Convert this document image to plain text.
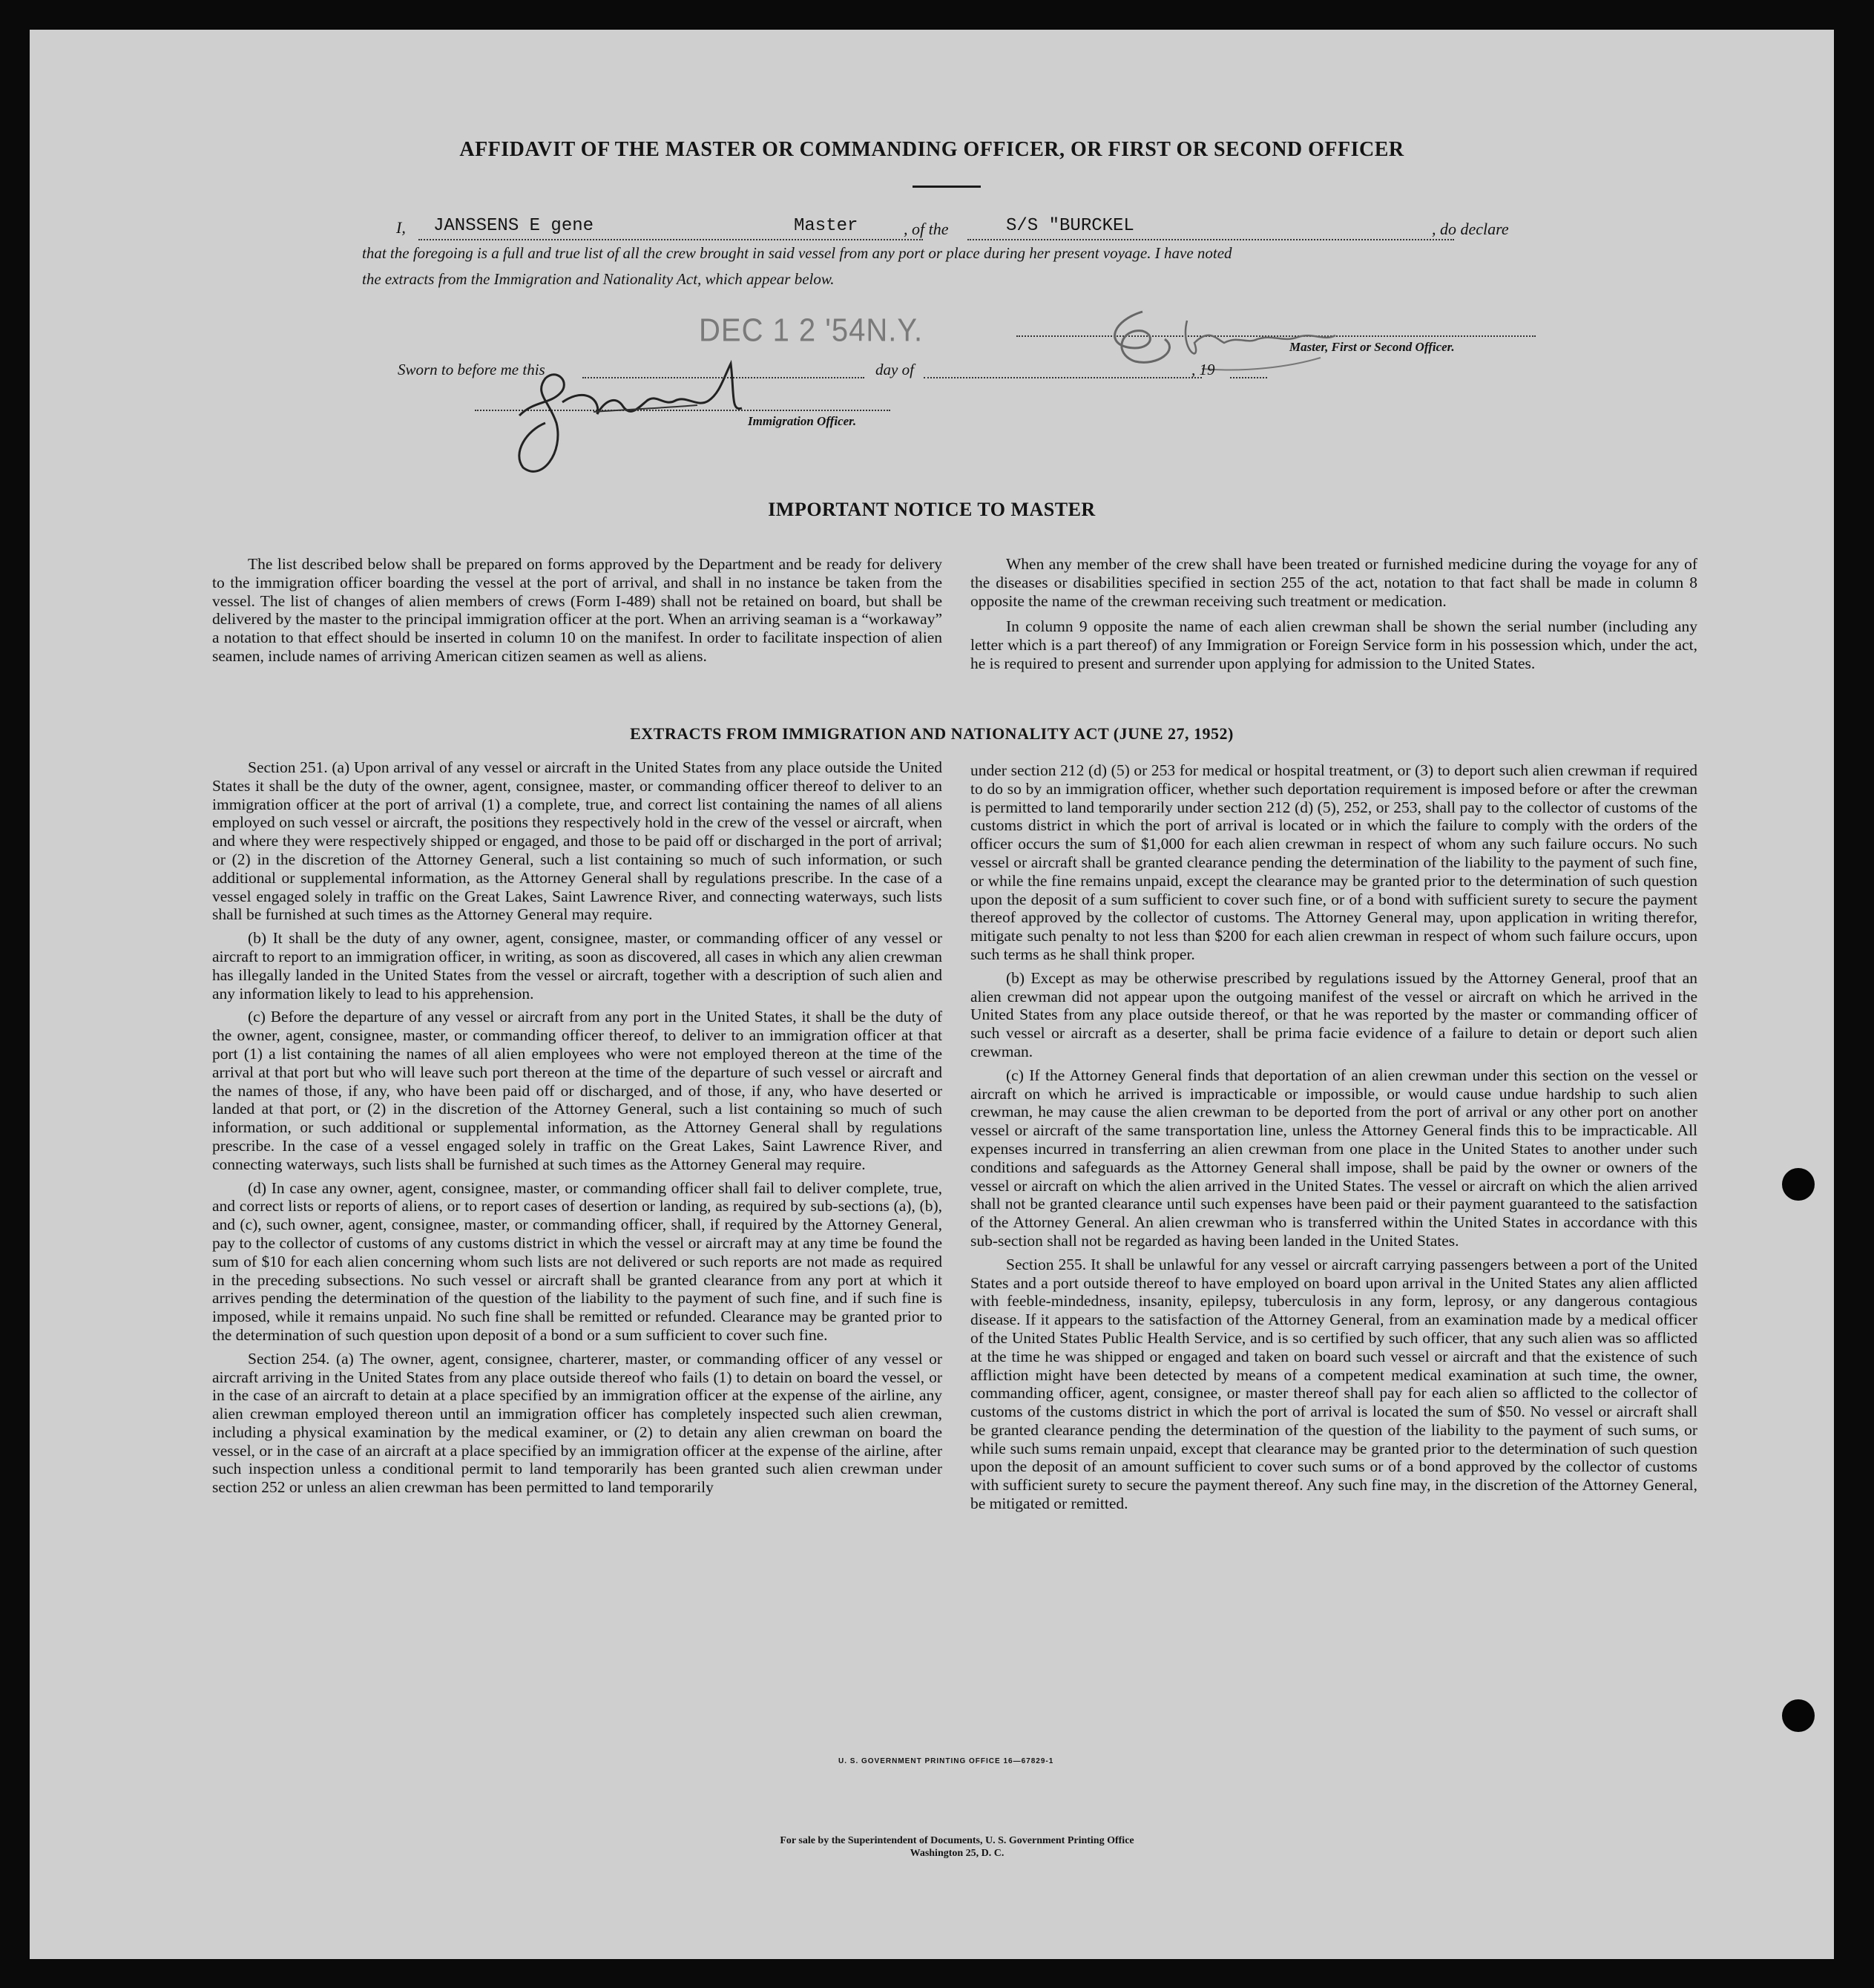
AFFIDAVIT OF THE MASTER OR COMMANDING OFFICER, OR FIRST OR SECOND OFFICER
I, JANSSENS E gene	Master	, of the	S/S "BURCKEL	, do declare
that the foregoing is a full and true list of all the crew brought in said vessel from any port or place during her present voyage. I have noted
the extracts from the Immigration and Nationality Act, which appear below.
DEC 1 2 '54N.Y.	Master, First or Second Officer.
Sworn to before me this	day of	, 19
Immigration Officer.
IMPORTANT NOTICE TO MASTER

The list described below shall be prepared on forms approved by the Department and be ready for delivery to the immigration officer boarding the vessel at the port of arrival, and shall in no instance be taken from the vessel. The list of changes of alien members of crews (Form I-489) shall not be retained on board, but shall be delivered by the master to the principal immigration officer at the port. When an arriving seaman is a “workaway” a notation to that effect should be inserted in column 10 on the manifest. In order to facilitate inspection of alien seamen, include names of arriving American citizen seamen as well as aliens.

When any member of the crew shall have been treated or furnished medicine during the voyage for any of the diseases or disabilities specified in section 255 of the act, notation to that fact shall be made in column 8 opposite the name of the crewman receiving such treatment or medication.

In column 9 opposite the name of each alien crewman shall be shown the serial number (including any letter which is a part thereof) of any Immigration or Foreign Service form in his possession which, under the act, he is required to present and surrender upon applying for admission to the United States.

EXTRACTS FROM IMMIGRATION AND NATIONALITY ACT (JUNE 27, 1952)

Section 251. (a) Upon arrival of any vessel or aircraft in the United States from any place outside the United States it shall be the duty of the owner, agent, consignee, master, or commanding officer thereof to deliver to an immigration officer at the port of arrival (1) a complete, true, and correct list containing the names of all aliens employed on such vessel or aircraft, the positions they respectively hold in the crew of the vessel or aircraft, when and where they were respectively shipped or engaged, and those to be paid off or discharged in the port of arrival; or (2) in the discretion of the Attorney General, such a list containing so much of such information, or such additional or supplemental information, as the Attorney General shall by regulations prescribe. In the case of a vessel engaged solely in traffic on the Great Lakes, Saint Lawrence River, and connecting waterways, such lists shall be furnished at such times as the Attorney General may require.

(b) It shall be the duty of any owner, agent, consignee, master, or commanding officer of any vessel or aircraft to report to an immigration officer, in writing, as soon as discovered, all cases in which any alien crewman has illegally landed in the United States from the vessel or aircraft, together with a description of such alien and any information likely to lead to his apprehension.

(c) Before the departure of any vessel or aircraft from any port in the United States, it shall be the duty of the owner, agent, consignee, master, or commanding officer thereof, to deliver to an immigration officer at that port (1) a list containing the names of all alien employees who were not employed thereon at the time of the arrival at that port but who will leave such port thereon at the time of the departure of such vessel or aircraft and the names of those, if any, who have been paid off or discharged, and of those, if any, who have deserted or landed at that port, or (2) in the discretion of the Attorney General, such a list containing so much of such information, or such additional or supplemental information, as the Attorney General shall by regulations prescribe. In the case of a vessel engaged solely in traffic on the Great Lakes, Saint Lawrence River, and connecting waterways, such lists shall be furnished at such times as the Attorney General may require.

(d) In case any owner, agent, consignee, master, or commanding officer shall fail to deliver complete, true, and correct lists or reports of aliens, or to report cases of desertion or landing, as required by sub-sections (a), (b), and (c), such owner, agent, consignee, master, or commanding officer, shall, if required by the Attorney General, pay to the collector of customs of any customs district in which the vessel or aircraft may at any time be found the sum of $10 for each alien concerning whom such lists are not delivered or such reports are not made as required in the preceding subsections. No such vessel or aircraft shall be granted clearance from any port at which it arrives pending the determination of the question of the liability to the payment of such fine, and if such fine is imposed, while it remains unpaid. No such fine shall be remitted or refunded. Clearance may be granted prior to the determination of such question upon deposit of a bond or a sum sufficient to cover such fine.

Section 254. (a) The owner, agent, consignee, charterer, master, or commanding officer of any vessel or aircraft arriving in the United States from any place outside thereof who fails (1) to detain on board the vessel, or in the case of an aircraft to detain at a place specified by an immigration officer at the expense of the airline, any alien crewman employed thereon until an immigration officer has completely inspected such alien crewman, including a physical examination by the medical examiner, or (2) to detain any alien crewman on board the vessel, or in the case of an aircraft at a place specified by an immigration officer at the expense of the airline, after such inspection unless a conditional permit to land temporarily has been granted such alien crewman under section 252 or unless an alien crewman has been permitted to land temporarily

under section 212 (d) (5) or 253 for medical or hospital treatment, or (3) to deport such alien crewman if required to do so by an immigration officer, whether such deportation requirement is imposed before or after the crewman is permitted to land temporarily under section 212 (d) (5), 252, or 253, shall pay to the collector of customs of the customs district in which the port of arrival is located or in which the failure to comply with the orders of the officer occurs the sum of $1,000 for each alien crewman in respect of whom any such failure occurs. No such vessel or aircraft shall be granted clearance pending the determination of the liability to the payment of such fine, or while the fine remains unpaid, except the clearance may be granted prior to the determination of such question upon the deposit of a sum sufficient to cover such fine, or of a bond with sufficient surety to secure the payment thereof approved by the collector of customs. The Attorney General may, upon application in writing therefor, mitigate such penalty to not less than $200 for each alien crewman in respect of whom such failure occurs, upon such terms as he shall think proper.

(b) Except as may be otherwise prescribed by regulations issued by the Attorney General, proof that an alien crewman did not appear upon the outgoing manifest of the vessel or aircraft on which he arrived in the United States from any place outside thereof, or that he was reported by the master or commanding officer of such vessel or aircraft as a deserter, shall be prima facie evidence of a failure to detain or deport such alien crewman.

(c) If the Attorney General finds that deportation of an alien crewman under this section on the vessel or aircraft on which he arrived is impracticable or impossible, or would cause undue hardship to such alien crewman, he may cause the alien crewman to be deported from the port of arrival or any other port on another vessel or aircraft of the same transportation line, unless the Attorney General finds this to be impracticable. All expenses incurred in transferring an alien crewman from one place in the United States to another under such conditions and safeguards as the Attorney General shall impose, shall be paid by the owner or owners of the vessel or aircraft on which the alien arrived in the United States. The vessel or aircraft on which the alien arrived shall not be granted clearance until such expenses have been paid or their payment guaranteed to the satisfaction of the Attorney General. An alien crewman who is transferred within the United States in accordance with this sub-section shall not be regarded as having been landed in the United States.

Section 255. It shall be unlawful for any vessel or aircraft carrying passengers between a port of the United States and a port outside thereof to have employed on board upon arrival in the United States any alien afflicted with feeble-mindedness, insanity, epilepsy, tuberculosis in any form, leprosy, or any dangerous contagious disease. If it appears to the satisfaction of the Attorney General, from an examination made by a medical officer of the United States Public Health Service, and is so certified by such officer, that any such alien was so afflicted at the time he was shipped or engaged and taken on board such vessel or aircraft and that the existence of such affliction might have been detected by means of a competent medical examination at such time, the owner, commanding officer, agent, consignee, or master thereof shall pay for each alien so afflicted to the collector of customs of the customs district in which the port of arrival is located the sum of $50. No vessel or aircraft shall be granted clearance pending the determination of the question of the liability to the payment of such sums, or while such sums remain unpaid, except that clearance may be granted prior to the determination of such question upon the deposit of an amount sufficient to cover such sums or of a bond approved by the collector of customs with sufficient surety to secure the payment thereof. Any such fine may, in the discretion of the Attorney General, be mitigated or remitted.

U. S. GOVERNMENT PRINTING OFFICE 16—67829-1
For sale by the Superintendent of Documents, U. S. Government Printing Office
Washington 25, D. C.
